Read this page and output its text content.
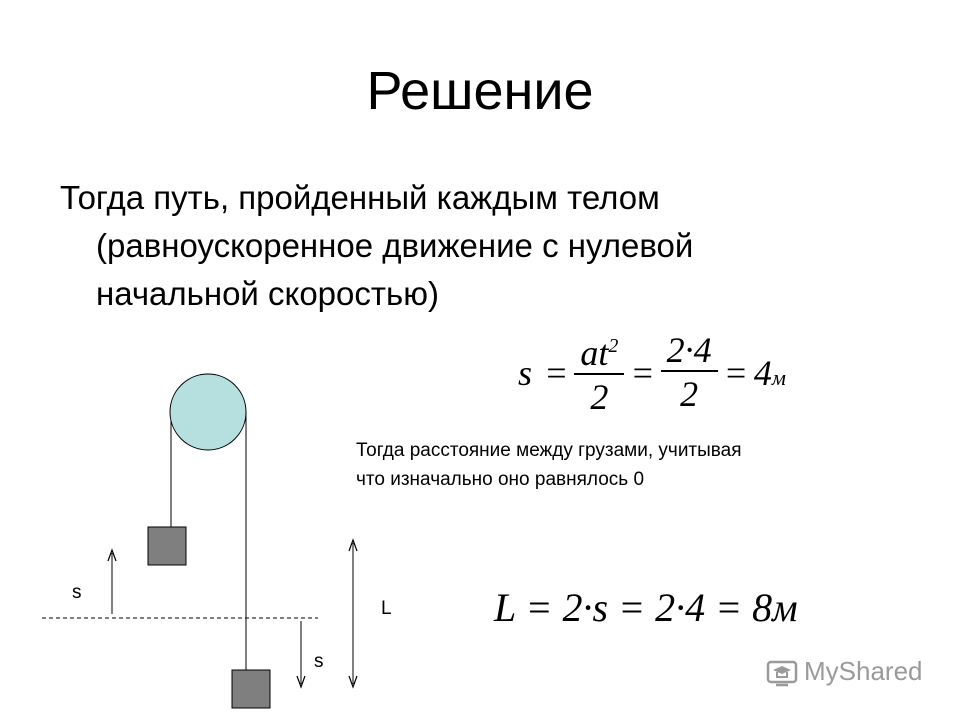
Решение
Тогда путь, пройденный каждым телом
(равноускоренное движение с нулевой
начальной скоростью)
$s = \frac{at^2}{2} = \frac{2\cdot 4}{2} = 4м$
Тогда расстояние между грузами, учитывая
что изначально оно равнялось 0
s
s
L	L = 2·s = 2·4 = 8м
MyShared
